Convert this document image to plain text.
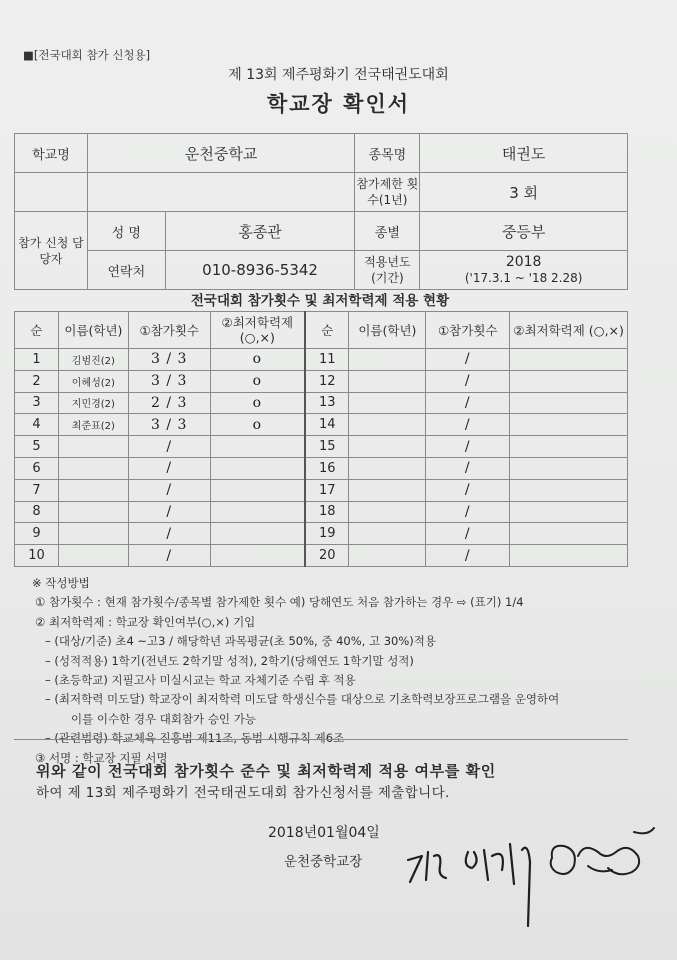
■[전국대회 참가 신청용]
제 13회 제주평화기 전국태권도대회
학교장 확인서
학교명	운천중학교		종목명	태권도
			참가제한 횟수(1년)	3 회
참가 신청 담당자	성 명	홍종관	종별	중등부
	연락처	010-8936-5342	적용년도 (기간)	2018
('17.3.1 ~ '18 2.28)
전국대회 참가횟수 및 최저학력제 적용 현황
순	이름(학년)	①참가횟수	②최저학력제 (○,×)	순	이름(학년)	①참가횟수	②최저학력제 (○,×)
1	김범진(2)	3 / 3	o	11		/	
2	이혜성(2)	3 / 3	o	12		/	
3	지민경(2)	2 / 3	o	13		/	
4	최준표(2)	3 / 3	o	14		/	
5		/		15		/	
6		/		16		/	
7		/		17		/	
8		/		18		/	
9		/		19		/	
10		/		20		/	
※ 작성방법
① 참가횟수 : 현재 참가횟수/종목별 참가제한 횟수 예) 당해연도 처음 참가하는 경우 ⇨ (표기) 1/4
② 최저학력제 : 학교장 확인여부(○,×) 기입
– (대상/기준) 초4 ~고3 / 해당학년 과목평균(초 50%, 중 40%, 고 30%)적용
– (성적적용) 1학기(전년도 2학기말 성적), 2학기(당해연도 1학기말 성적)
– (초등학교) 지필고사 미실시교는 학교 자체기준 수립 후 적용
– (최저학력 미도달) 학교장이 최저학력 미도달 학생신수를 대상으로 기초학력보장프로그램을 운영하여
이를 이수한 경우 대회참가 승인 가능
– (관련법령) 학교체육 진흥법 제11조, 동법 시행규칙 제6조
③ 서명 : 학교장 지필 서명
위와 같이 전국대회 참가횟수 준수 및 최저학력제 적용 여부를 확인
하여 제 13회 제주평화기 전국태권도대회 참가신청서를 제출합니다.
2018년01월04일
운천중학교장
